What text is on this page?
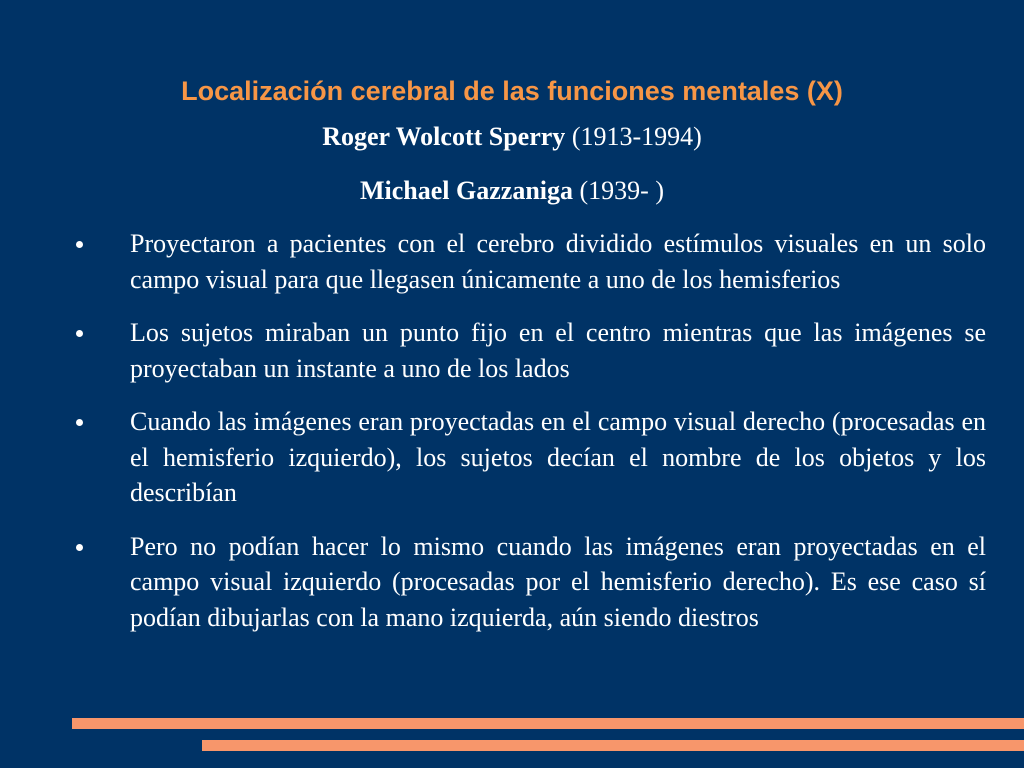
Localización cerebral de las funciones mentales (X)
Roger Wolcott Sperry (1913-1994)
Michael Gazzaniga (1939- )
Proyectaron a pacientes con el cerebro dividido estímulos visuales en un solo campo visual para que llegasen únicamente a uno de los hemisferios
Los sujetos miraban un punto fijo en el centro mientras que las imágenes se proyectaban un instante a uno de los lados
Cuando las imágenes eran proyectadas en el campo visual derecho (procesadas en el hemisferio izquierdo), los sujetos decían el nombre de los objetos y los describían
Pero no podían hacer lo mismo cuando las imágenes eran proyectadas en el campo visual izquierdo (procesadas por el hemisferio derecho). Es ese caso sí podían dibujarlas con la mano izquierda, aún siendo diestros
